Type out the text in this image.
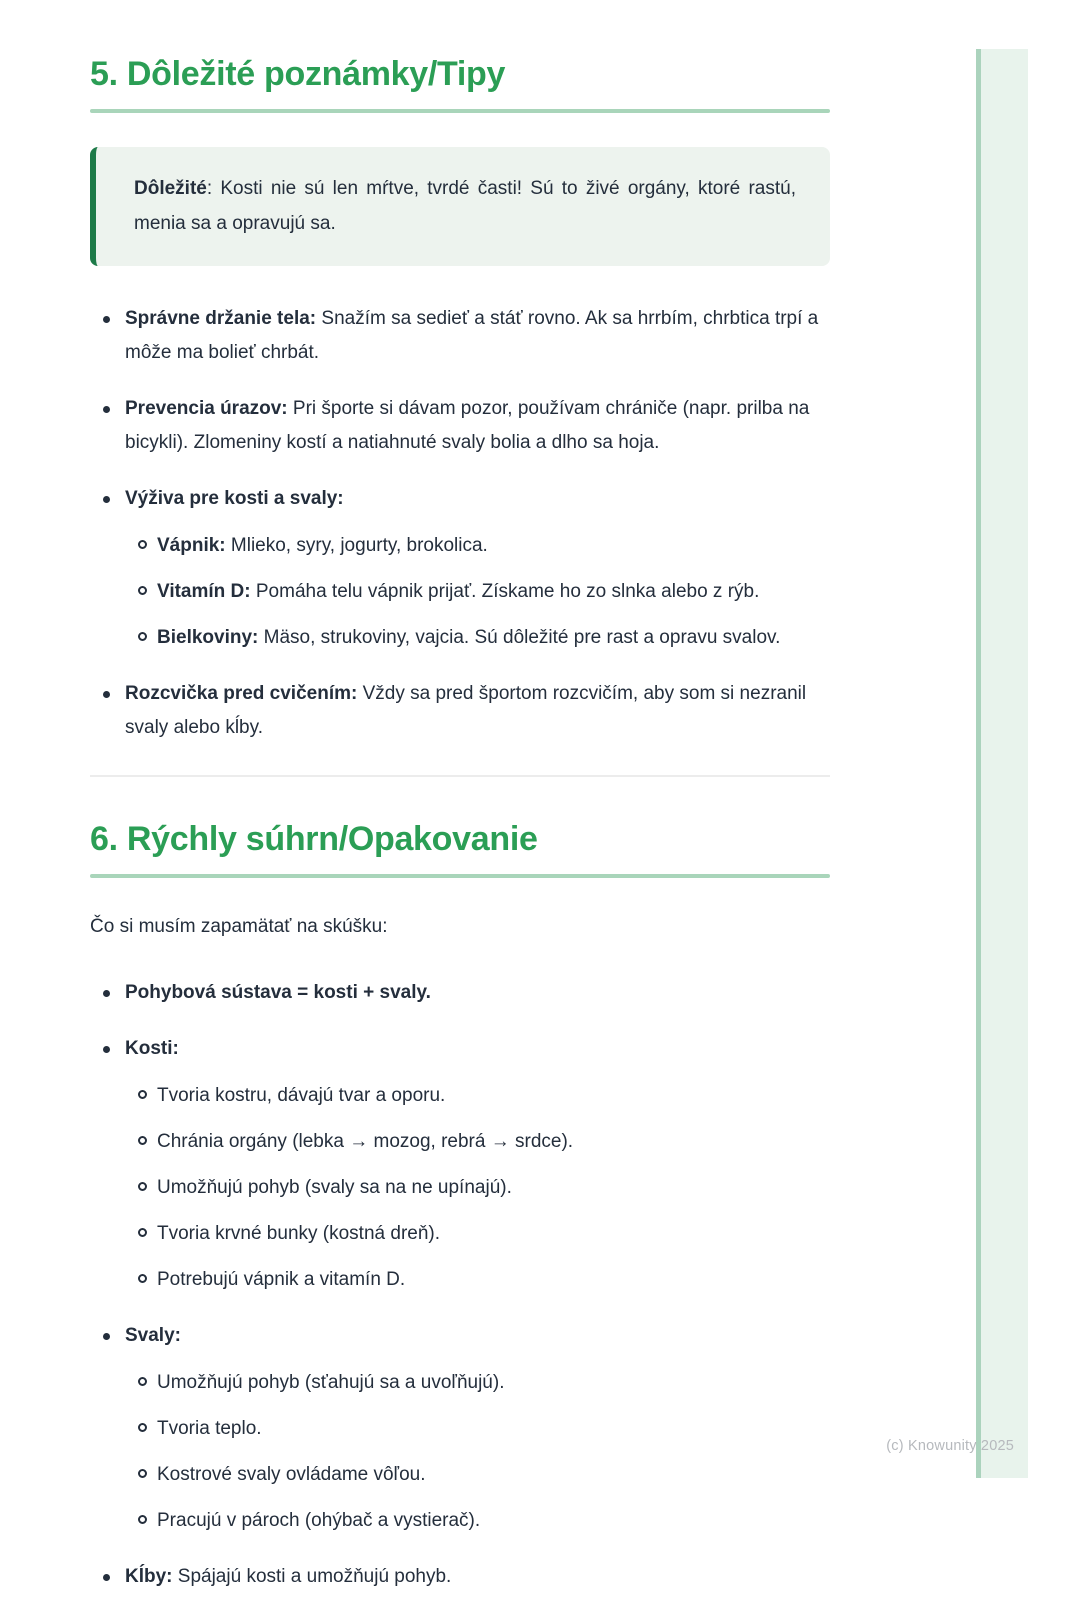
(c) Knowunity 2025
5. Dôležité poznámky/Tipy

Dôležité: Kosti nie sú len mŕtve, tvrdé časti! Sú to živé orgány, ktoré rastú, menia sa a opravujú sa.

Správne držanie tela: Snažím sa sedieť a stáť rovno. Ak sa hrrbím, chrbtica trpí a môže ma bolieť chrbát.

Prevencia úrazov: Pri športe si dávam pozor, používam chrániče (napr. prilba na bicykli). Zlomeniny kostí a natiahnuté svaly bolia a dlho sa hoja.

Výživa pre kosti a svaly:

Vápnik: Mlieko, syry, jogurty, brokolica.
Vitamín D: Pomáha telu vápnik prijať. Získame ho zo slnka alebo z rýb.
Bielkoviny: Mäso, strukoviny, vajcia. Sú dôležité pre rast a opravu svalov.

Rozcvička pred cvičením: Vždy sa pred športom rozcvičím, aby som si nezranil svaly alebo kĺby.

6. Rýchly súhrn/Opakovanie

Čo si musím zapamätať na skúšku:

Pohybová sústava = kosti + svaly.

Kosti:

Tvoria kostru, dávajú tvar a oporu.
Chránia orgány (lebka → mozog, rebrá → srdce).
Umožňujú pohyb (svaly sa na ne upínajú).
Tvoria krvné bunky (kostná dreň).
Potrebujú vápnik a vitamín D.

Svaly:

Umožňujú pohyb (sťahujú sa a uvoľňujú).
Tvoria teplo.
Kostrové svaly ovládame vôľou.
Pracujú v pároch (ohýbač a vystierač).

Kĺby: Spájajú kosti a umožňujú pohyb.
